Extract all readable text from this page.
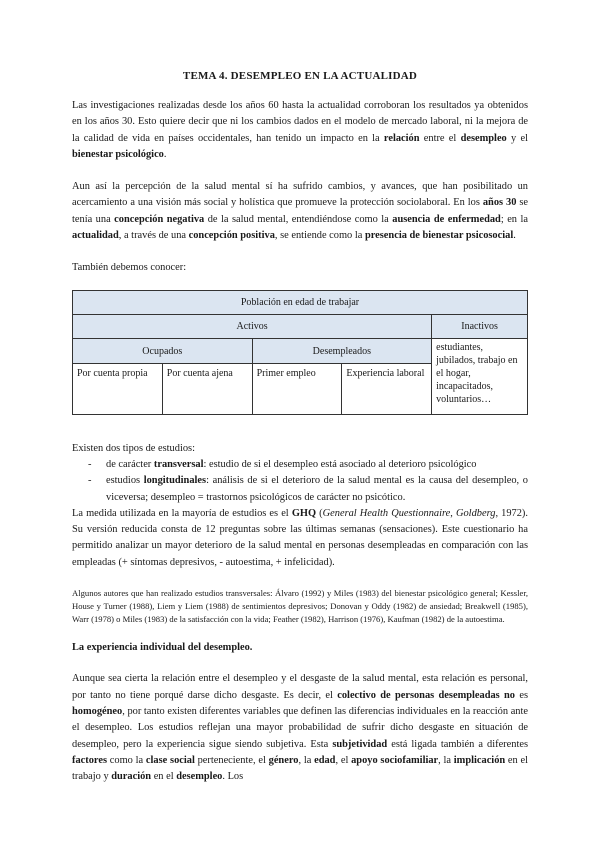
TEMA 4. DESEMPLEO EN LA ACTUALIDAD

Las investigaciones realizadas desde los años 60 hasta la actualidad corroboran los resultados ya obtenidos en los años 30. Esto quiere decir que ni los cambios dados en el modelo de mercado laboral, ni la mejora de la calidad de vida en países occidentales, han tenido un impacto en la relación entre el desempleo y el bienestar psicológico.

Aun así la percepción de la salud mental sí ha sufrido cambios, y avances, que han posibilitado un acercamiento a una visión más social y holística que promueve la protección sociolaboral. En los años 30 se tenía una concepción negativa de la salud mental, entendiéndose como la ausencia de enfermedad; en la actualidad, a través de una concepción positiva, se entiende como la presencia de bienestar psicosocial.

También debemos conocer:

Población en edad de trabajar				
Activos				Inactivos
Ocupados		Desempleados		estudiantes, jubilados, trabajo en el hogar, incapacitados, voluntarios…
Por cuenta propia	Por cuenta ajena	Primer empleo	Experiencia laboral	

Existen dos tipos de estudios:

- de carácter transversal: estudio de si el desempleo está asociado al deterioro psicológico
- estudios longitudinales: análisis de si el deterioro de la salud mental es la causa del desempleo, o viceversa; desempleo = trastornos psicológicos de carácter no psicótico.

La medida utilizada en la mayoría de estudios es el GHQ (General Health Questionnaire, Goldberg, 1972). Su versión reducida consta de 12 preguntas sobre las últimas semanas (sensaciones). Este cuestionario ha permitido analizar un mayor deterioro de la salud mental en personas desempleadas en comparación con las empleadas (+ síntomas depresivos, - autoestima, + infelicidad).

Algunos autores que han realizado estudios transversales: Álvaro (1992) y Miles (1983) del bienestar psicológico general; Kessler, House y Turner (1988), Liem y Liem (1988) de sentimientos depresivos; Donovan y Oddy (1982) de ansiedad; Breakwell (1985), Warr (1978) o Miles (1983) de la satisfacción con la vida; Feather (1982), Harrison (1976), Kaufman (1982) de la autoestima.

La experiencia individual del desempleo.

Aunque sea cierta la relación entre el desempleo y el desgaste de la salud mental, esta relación es personal, por tanto no tiene porqué darse dicho desgaste. Es decir, el colectivo de personas desempleadas no es homogéneo, por tanto existen diferentes variables que definen las diferencias individuales en la reacción ante el desempleo. Los estudios reflejan una mayor probabilidad de sufrir dicho desgaste en situación de desempleo, pero la experiencia sigue siendo subjetiva. Esta subjetividad está ligada también a diferentes factores como la clase social perteneciente, el género, la edad, el apoyo sociofamiliar, la implicación en el trabajo y duración en el desempleo. Los
